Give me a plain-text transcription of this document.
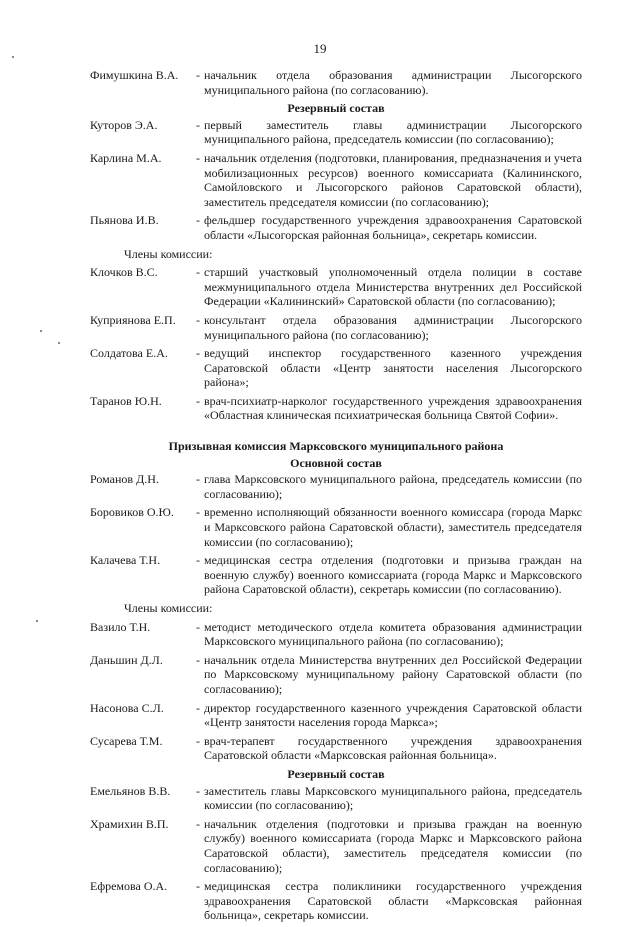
19
Фимушкина В.А.	- начальник отдела образования администрации Лысогорского муниципального района (по согласованию).
Резервный состав
Куторов Э.А.	- первый заместитель главы администрации Лысогорского муниципального района, председатель комиссии (по согласованию);
Карлина М.А.	- начальник отделения (подготовки, планирования, предназначения и учета мобилизационных ресурсов) военного комиссариата (Калининского, Самойловского и Лысогорского районов Саратовской области), заместитель председателя комиссии (по согласованию);
Пьянова И.В.	- фельдшер государственного учреждения здравоохранения Саратовской области «Лысогорская районная больница», секретарь комиссии.
Члены комиссии:
Клочков В.С.	- старший участковый уполномоченный отдела полиции в составе межмуниципального отдела Министерства внутренних дел Российской Федерации «Калининский» Саратовской области (по согласованию);
Куприянова Е.П.	- консультант отдела образования администрации Лысогорского муниципального района (по согласованию);
Солдатова Е.А.	- ведущий инспектор государственного казенного учреждения Саратовской области «Центр занятости населения Лысогорского района»;
Таранов Ю.Н.	- врач-психиатр-нарколог государственного учреждения здравоохранения «Областная клиническая психиатрическая больница Святой Софии».
Призывная комиссия Марксовского муниципального района
Основной состав
Романов Д.Н.	- глава Марксовского муниципального района, председатель комиссии (по согласованию);
Боровиков О.Ю.	- временно исполняющий обязанности военного комиссара (города Маркс и Марксовского района Саратовской области), заместитель председателя комиссии (по согласованию);
Калачева Т.Н.	- медицинская сестра отделения (подготовки и призыва граждан на военную службу) военного комиссариата (города Маркс и Марксовского района Саратовской области), секретарь комиссии (по согласованию).
Члены комиссии:
Вазило Т.Н.	- методист методического отдела комитета образования администрации Марксовского муниципального района (по согласованию);
Даньшин Д.Л.	- начальник отдела Министерства внутренних дел Российской Федерации по Марксовскому муниципальному району Саратовской области (по согласованию);
Насонова С.Л.	- директор государственного казенного учреждения Саратовской области «Центр занятости населения города Маркса»;
Сусарева Т.М.	- врач-терапевт государственного учреждения здравоохранения Саратовской области «Марксовская районная больница».
Резервный состав
Емельянов В.В.	- заместитель главы Марксовского муниципального района, председатель комиссии (по согласованию);
Храмихин В.П.	- начальник отделения (подготовки и призыва граждан на военную службу) военного комиссариата (города Маркс и Марксовского района Саратовской области), заместитель председателя комиссии (по согласованию);
Ефремова О.А.	- медицинская сестра поликлиники государственного учреждения здравоохранения Саратовской области «Марксовская районная больница», секретарь комиссии.
